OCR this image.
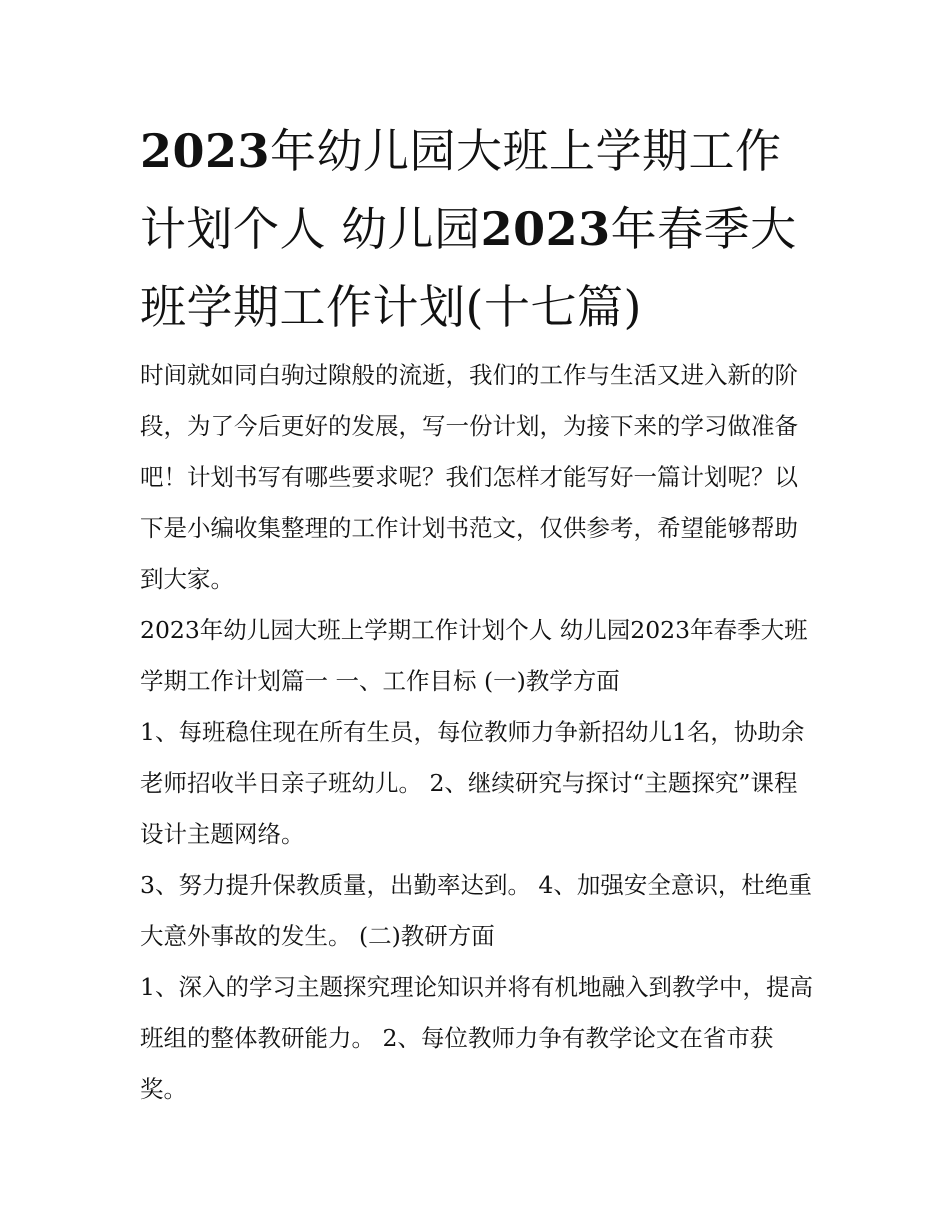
2023年幼儿园大班上学期工作计划个人 幼儿园2023年春季大班学期工作计划(十七篇)

时间就如同白驹过隙般的流逝，我们的工作与生活又进入新的阶段，为了今后更好的发展，写一份计划，为接下来的学习做准备吧！计划书写有哪些要求呢？我们怎样才能写好一篇计划呢？以下是小编收集整理的工作计划书范文，仅供参考，希望能够帮助到大家。

2023年幼儿园大班上学期工作计划个人 幼儿园2023年春季大班学期工作计划篇一 一、工作目标 (一)教学方面

1、每班稳住现在所有生员，每位教师力争新招幼儿1名，协助余老师招收半日亲子班幼儿。 2、继续研究与探讨“主题探究”课程设计主题网络。

3、努力提升保教质量，出勤率达到。 4、加强安全意识，杜绝重大意外事故的发生。 (二)教研方面

1、深入的学习主题探究理论知识并将有机地融入到教学中，提高班组的整体教研能力。 2、每位教师力争有教学论文在省市获奖。
